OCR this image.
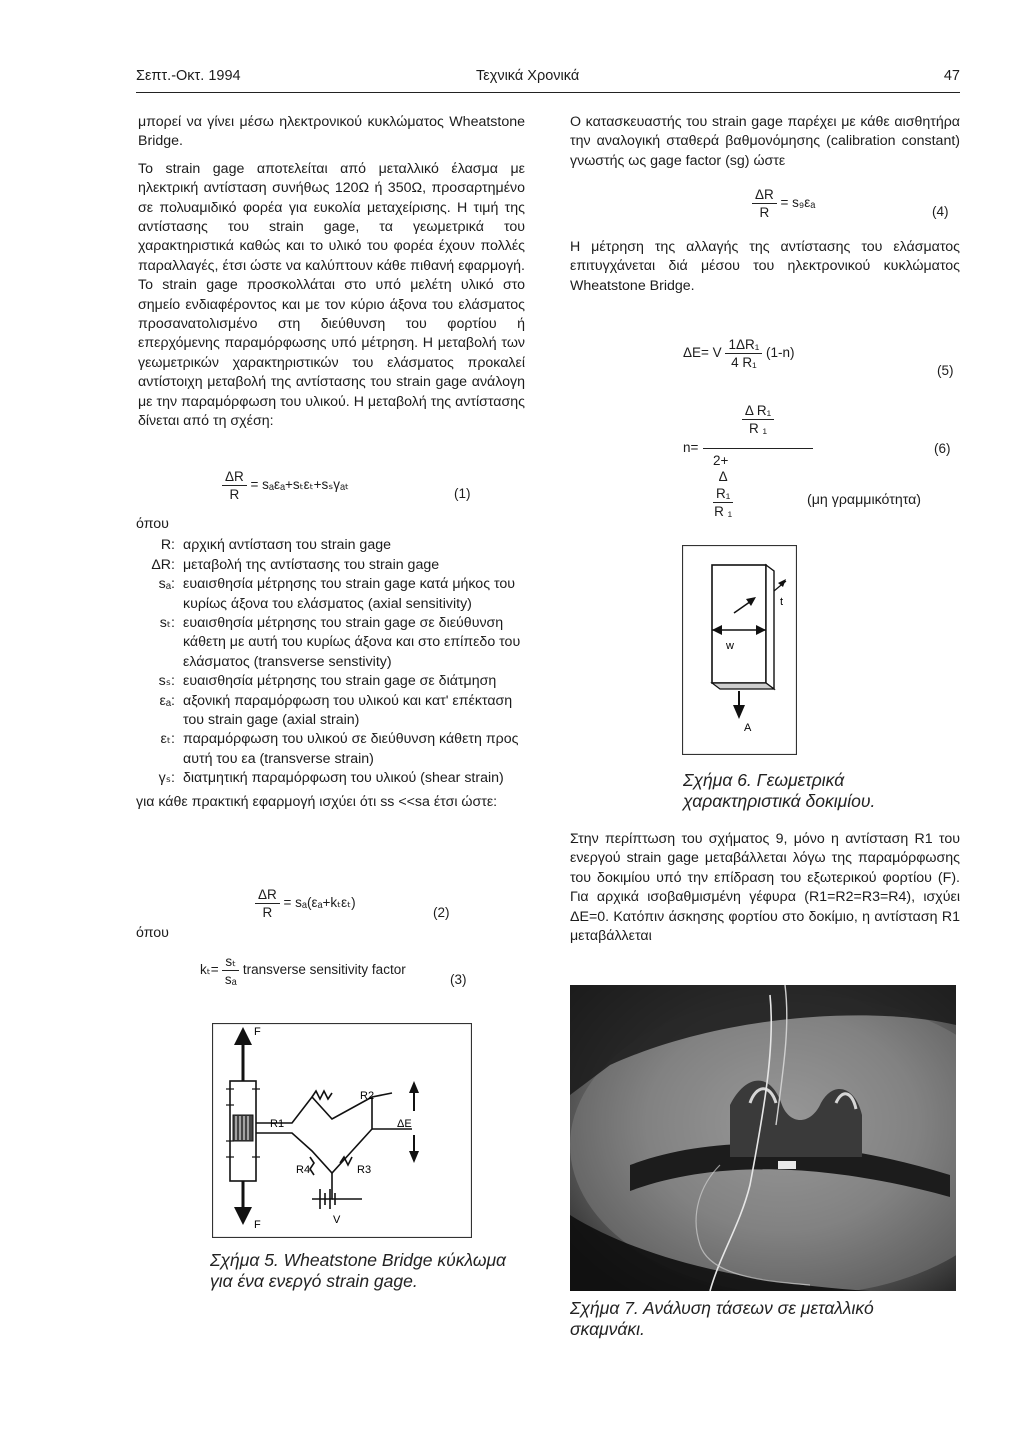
Σεπτ.-Οκτ. 1994	Τεχνικά Χρονικά	47

μπορεί να γίνει μέσω ηλεκτρονικού κυκλώματος Wheatstone Bridge.

Το strain gage αποτελείται από μεταλλικό έλασμα με ηλεκτρική αντίσταση συνήθως 120Ω ή 350Ω, προσαρτημένο σε πολυαμιδικό φορέα για ευκολία μεταχείρισης. Η τιμή της αντίστασης του strain gage, τα γεωμετρικά του χαρακτηριστικά καθώς και το υλικό του φορέα έχουν πολλές παραλλαγές, έτσι ώστε να καλύπτουν κάθε πιθανή εφαρμογή. Το strain gage προσκολλάται στο υπό μελέτη υλικό στο σημείο ενδιαφέροντος και με τον κύριο άξονα του ελάσματος προσανατολισμένο στη διεύθυνση του φορτίου ή επερχόμενης παραμόρφωσης υπό μέτρηση. Η μεταβολή των γεωμετρικών χαρακτηριστικών του ελάσματος προκαλεί αντίστοιχη μεταβολή της αντίστασης του strain gage ανάλογη με την παραμόρφωση του υλικού. Η μεταβολή της αντίστασης δίνεται από τη σχέση:

$\frac{\Delta R}{R} = s_a\varepsilon_a+s_t\varepsilon_t+s_s\gamma_{at}$
(1)
όπου
R: αρχική αντίσταση του strain gage
ΔR: μεταβολή της αντίστασης του strain gage
sₐ: ευαισθησία μέτρησης του strain gage κατά μήκος του κυρίως άξονα του ελάσματος (axial sensitivity)
sₜ: ευαισθησία μέτρησης του strain gage σε διεύθυνση κάθετη με αυτή του κυρίως άξονα και στο επίπεδο του ελάσματος (transverse senstivity)
sₛ: ευαισθησία μέτρησης του strain gage σε διάτμηση
εₐ: αξονική παραμόρφωση του υλικού και κατ' επέκταση του strain gage (axial strain)
εₜ: παραμόρφωση του υλικού σε διεύθυνση κάθετη προς αυτή του εa (transverse strain)
γₛ: διατμητική παραμόρφωση του υλικού (shear strain)
για κάθε πρακτική εφαρμογή ισχύει ότι ss <<sa έτσι ώστε:
$\frac{\Delta R}{R} = s_a(\varepsilon_a+k_t\varepsilon_t)$
(2)
όπου
$k_t= \frac{\text{sₜ}}{\text{sₐ}}$ transverse sensitivity factor
(3)
F
F
R1
R2
R3
R4
ΔE
V
Σχήμα 5. Wheatstone Bridge κύκλωμα για ένα ενεργό strain gage.

Ο κατασκευαστής του strain gage παρέχει με κάθε αισθητήρα την αναλογική σταθερά βαθμονόμησης (calibration constant) γνωστής ως gage factor (sg) ώστε

$\frac{\Delta R}{R} = s_9\varepsilon_a$
(4)
Η μέτρηση της αλλαγής της αντίστασης του ελάσματος επιτυγχάνεται διά μέσου του ηλεκτρονικού κυκλώματος Wheatstone Bridge.
ΔE= V $\frac{\text{1ΔR₁}}{\text{4 R₁}} (1-n)$
(5)
n=
$\frac{\text{Δ R₁}}{\text{R ₁}}$
2+
$\frac{\text{Δ R₁}}{\text{R ₁}}$
(6)
(μη γραμμικότητα)
t
w
A
Σχήμα 6. Γεωμετρικά χαρακτηριστικά δοκιμίου.
Στην περίπτωση του σχήματος 9, μόνο η αντίσταση R1 του ενεργού strain gage μεταβάλλεται λόγω της παραμόρφωσης του δοκιμίου υπό την επίδραση του εξωτερικού φορτίου (F). Για αρχικά ισοβαθμισμένη γέφυρα (R1=R2=R3=R4), ισχύει ΔΕ=0. Κατόπιν άσκησης φορτίου στο δοκίμιο, η αντίσταση R1 μεταβάλλεται
Σχήμα 7. Ανάλυση τάσεων σε μεταλλικό σκαμνάκι.
